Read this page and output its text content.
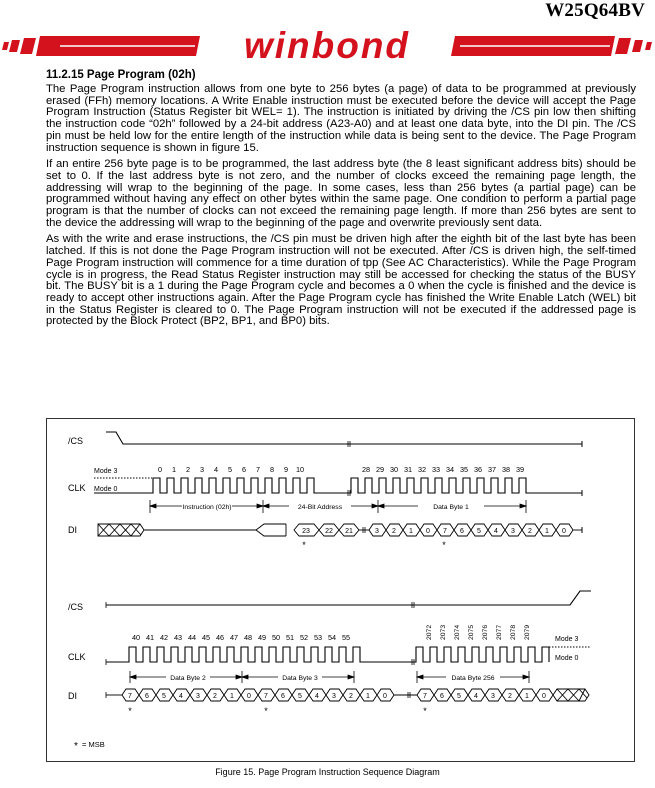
W25Q64BV
winbond
11.2.15 Page Program (02h)

The Page Program instruction allows from one byte to 256 bytes (a page) of data to be programmed at previously erased (FFh) memory locations. A Write Enable instruction must be executed before the device will accept the Page Program Instruction (Status Register bit WEL= 1). The instruction is initiated by driving the /CS pin low then shifting the instruction code “02h” followed by a 24-bit address (A23-A0) and at least one data byte, into the DI pin. The /CS pin must be held low for the entire length of the instruction while data is being sent to the device. The Page Program instruction sequence is shown in figure 15.

If an entire 256 byte page is to be programmed, the last address byte (the 8 least significant address bits) should be set to 0. If the last address byte is not zero, and the number of clocks exceed the remaining page length, the addressing will wrap to the beginning of the page. In some cases, less than 256 bytes (a partial page) can be programmed without having any effect on other bytes within the same page. One condition to perform a partial page program is that the number of clocks can not exceed the remaining page length. If more than 256 bytes are sent to the device the addressing will wrap to the beginning of the page and overwrite previously sent data.

As with the write and erase instructions, the /CS pin must be driven high after the eighth bit of the last byte has been latched. If this is not done the Page Program instruction will not be executed. After /CS is driven high, the self-timed Page Program instruction will commence for a time duration of tpp (See AC Characteristics). While the Page Program cycle is in progress, the Read Status Register instruction may still be accessed for checking the status of the BUSY bit. The BUSY bit is a 1 during the Page Program cycle and becomes a 0 when the cycle is finished and the device is ready to accept other instructions again. After the Page Program cycle has finished the Write Enable Latch (WEL) bit in the Status Register is cleared to 0. The Page Program instruction will not be executed if the addressed page is protected by the Block Protect (BP2, BP1, and BP0) bits.

/CS
0 1 2 3 4 5 6 7 8 9 10	28 29 30 31 32 33 34 35 36 37 38 39
Mode 3
Mode 0
CLK
Instruction (02h)	24-Bit Address	Data Byte 1
DI	23 22 21	3 2 1 0 7 6 5 4 3 2 1 0
*	*
/CS
40 41 42 43 44 45 46 47 48 49 50 51 52 53 54 55	2072 2073 2074 2075 2076 2077 2078 2079
CLK
Mode 3
Mode 0
Data Byte 2	Data Byte 3	Data Byte 256
DI	7 6 5 4 3 2 1 0 7 6 5 4 3 2 1 0	7 6 5 4 3 2 1 0
*	*	*
* = MSB
Figure 15. Page Program Instruction Sequence Diagram
